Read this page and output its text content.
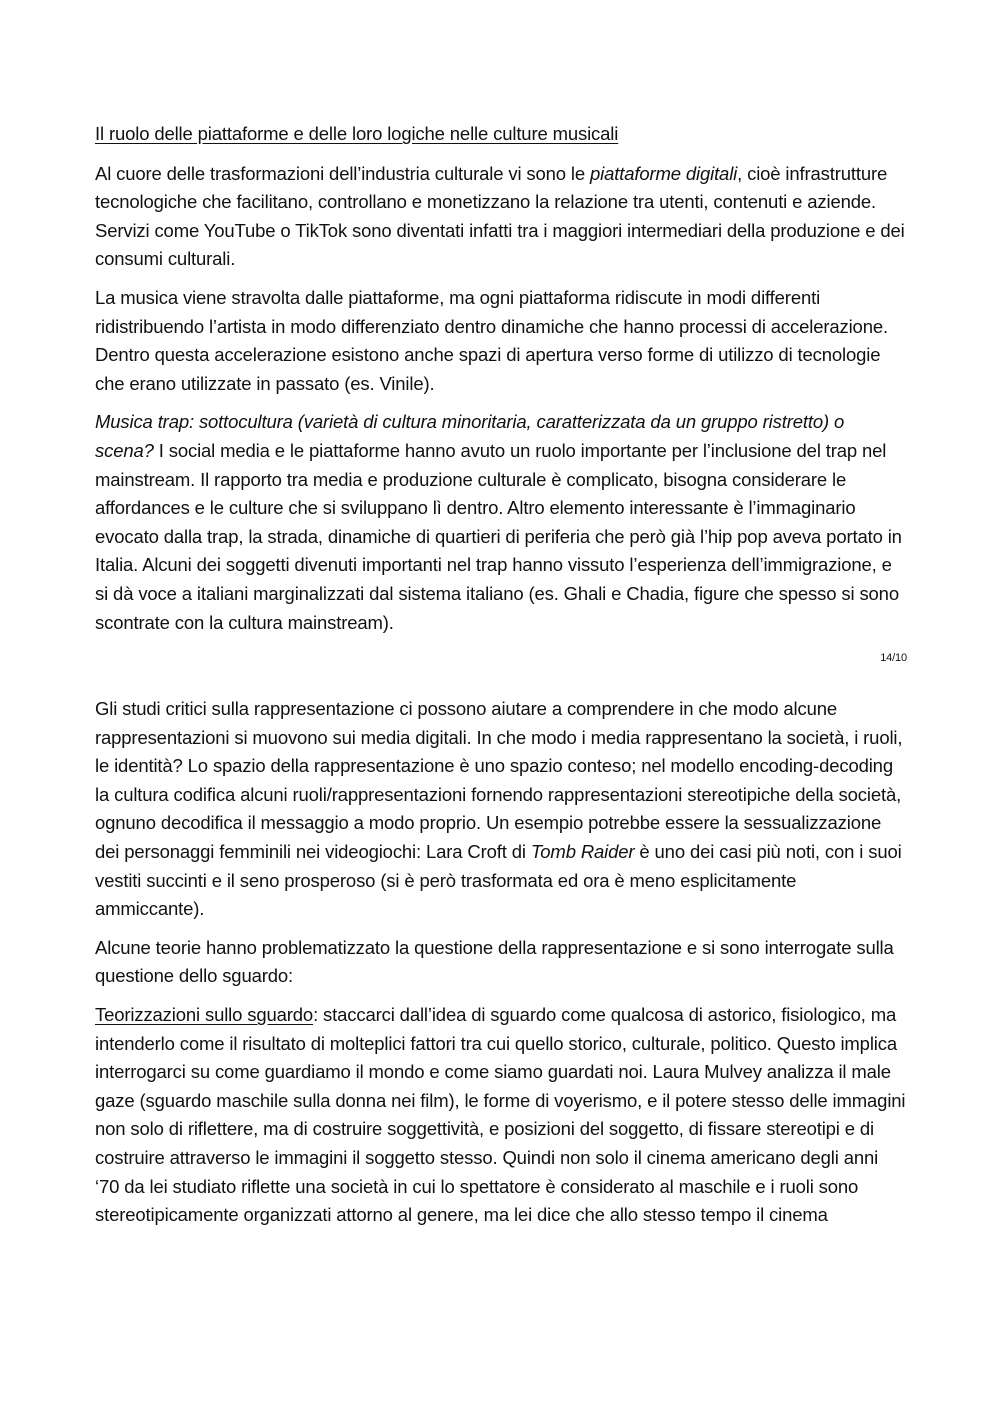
Il ruolo delle piattaforme e delle loro logiche nelle culture musicali

Al cuore delle trasformazioni dell’industria culturale vi sono le piattaforme digitali, cioè infrastrutture tecnologiche che facilitano, controllano e monetizzano la relazione tra utenti, contenuti e aziende. Servizi come YouTube o TikTok sono diventati infatti tra i maggiori intermediari della produzione e dei consumi culturali.

La musica viene stravolta dalle piattaforme, ma ogni piattaforma ridiscute in modi differenti ridistribuendo l’artista in modo differenziato dentro dinamiche che hanno processi di accelerazione. Dentro questa accelerazione esistono anche spazi di apertura verso forme di utilizzo di tecnologie che erano utilizzate in passato (es. Vinile).

Musica trap: sottocultura (varietà di cultura minoritaria, caratterizzata da un gruppo ristretto) o scena? I social media e le piattaforme hanno avuto un ruolo importante per l’inclusione del trap nel mainstream. Il rapporto tra media e produzione culturale è complicato, bisogna considerare le affordances e le culture che si sviluppano lì dentro. Altro elemento interessante è l’immaginario evocato dalla trap, la strada, dinamiche di quartieri di periferia che però già l’hip pop aveva portato in Italia. Alcuni dei soggetti divenuti importanti nel trap hanno vissuto l’esperienza dell’immigrazione, e si dà voce a italiani marginalizzati dal sistema italiano (es. Ghali e Chadia, figure che spesso si sono scontrate con la cultura mainstream).

14/10

Gli studi critici sulla rappresentazione ci possono aiutare a comprendere in che modo alcune rappresentazioni si muovono sui media digitali. In che modo i media rappresentano la società, i ruoli, le identità? Lo spazio della rappresentazione è uno spazio conteso; nel modello encoding-decoding la cultura codifica alcuni ruoli/rappresentazioni fornendo rappresentazioni stereotipiche della società, ognuno decodifica il messaggio a modo proprio. Un esempio potrebbe essere la sessualizzazione dei personaggi femminili nei videogiochi: Lara Croft di Tomb Raider è uno dei casi più noti, con i suoi vestiti succinti e il seno prosperoso (si è però trasformata ed ora è meno esplicitamente ammiccante).

Alcune teorie hanno problematizzato la questione della rappresentazione e si sono interrogate sulla questione dello sguardo:

Teorizzazioni sullo sguardo: staccarci dall’idea di sguardo come qualcosa di astorico, fisiologico, ma intenderlo come il risultato di molteplici fattori tra cui quello storico, culturale, politico. Questo implica interrogarci su come guardiamo il mondo e come siamo guardati noi. Laura Mulvey analizza il male gaze (sguardo maschile sulla donna nei film), le forme di voyerismo, e il potere stesso delle immagini non solo di riflettere, ma di costruire soggettività, e posizioni del soggetto, di fissare stereotipi e di costruire attraverso le immagini il soggetto stesso. Quindi non solo il cinema americano degli anni ‘70 da lei studiato riflette una società in cui lo spettatore è considerato al maschile e i ruoli sono stereotipicamente organizzati attorno al genere, ma lei dice che allo stesso tempo il cinema
